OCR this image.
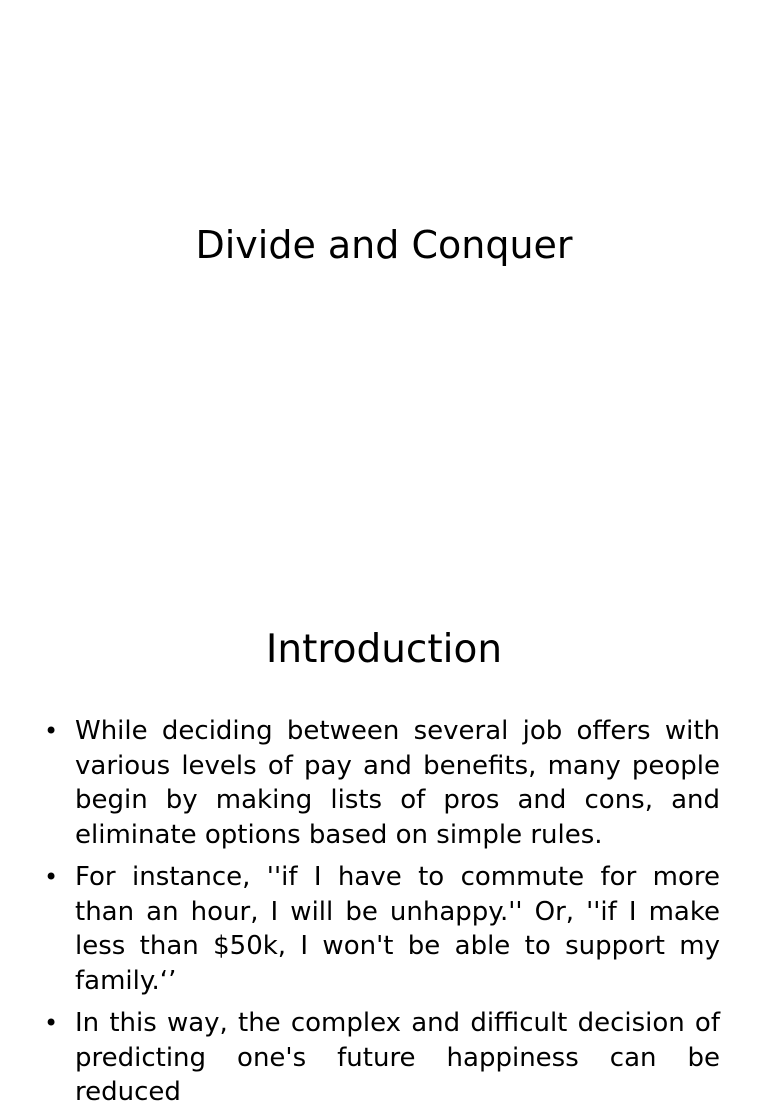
Divide and Conquer
Introduction
• While deciding between several job offers with various levels of pay and benefits, many people begin by making lists of pros and cons, and eliminate options based on simple rules.
• For instance, ''if I have to commute for more than an hour, I will be unhappy.'' Or, ''if I make less than $50k, I won't be able to support my family.‘’
• In this way, the complex and difficult decision of predicting one's future happiness can be reduced
